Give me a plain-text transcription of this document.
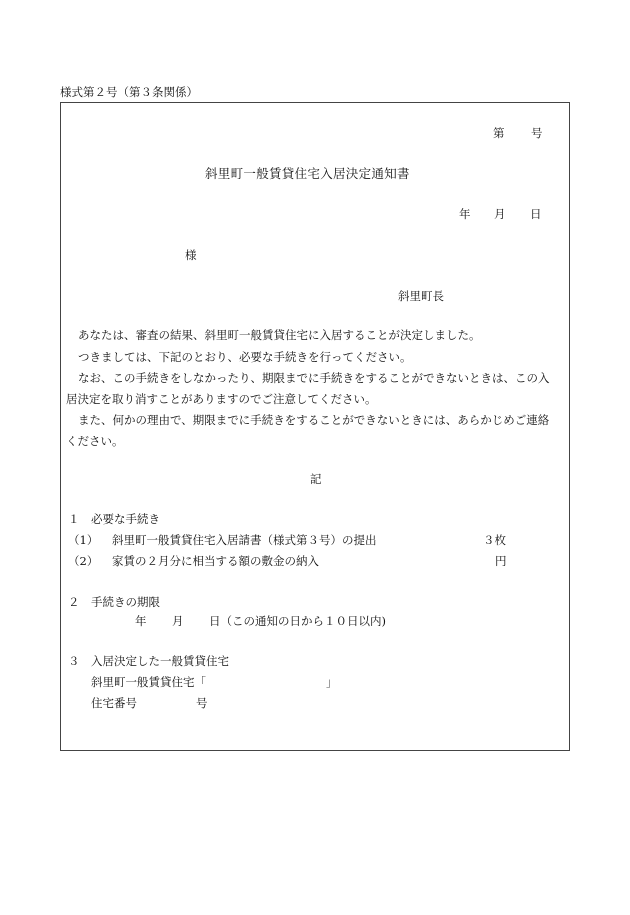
様式第２号（第３条関係）
第 号
斜里町一般賃貸住宅入居決定通知書
年 月 日
様
斜里町長
あなたは、審査の結果、斜里町一般賃貸住宅に入居することが決定しました。
つきましては、下記のとおり、必要な手続きを行ってください。
なお、この手続きをしなかったり、期限までに手続きをすることができないときは、この入
居決定を取り消すことがありますのでご注意してください。
また、何かの理由で、期限までに手続きをすることができないときには、あらかじめご連絡
ください。
記
１　必要な手続き
（1） 斜里町一般賃貸住宅入居請書（様式第３号）の提出	３枚
（2） 家賃の２月分に相当する額の敷金の納入	円
２　手続きの期限
年 月 日（この通知の日から１０日以内)
３　入居決定した一般賃貸住宅
斜里町一般賃貸住宅「	」
住宅番号	号
